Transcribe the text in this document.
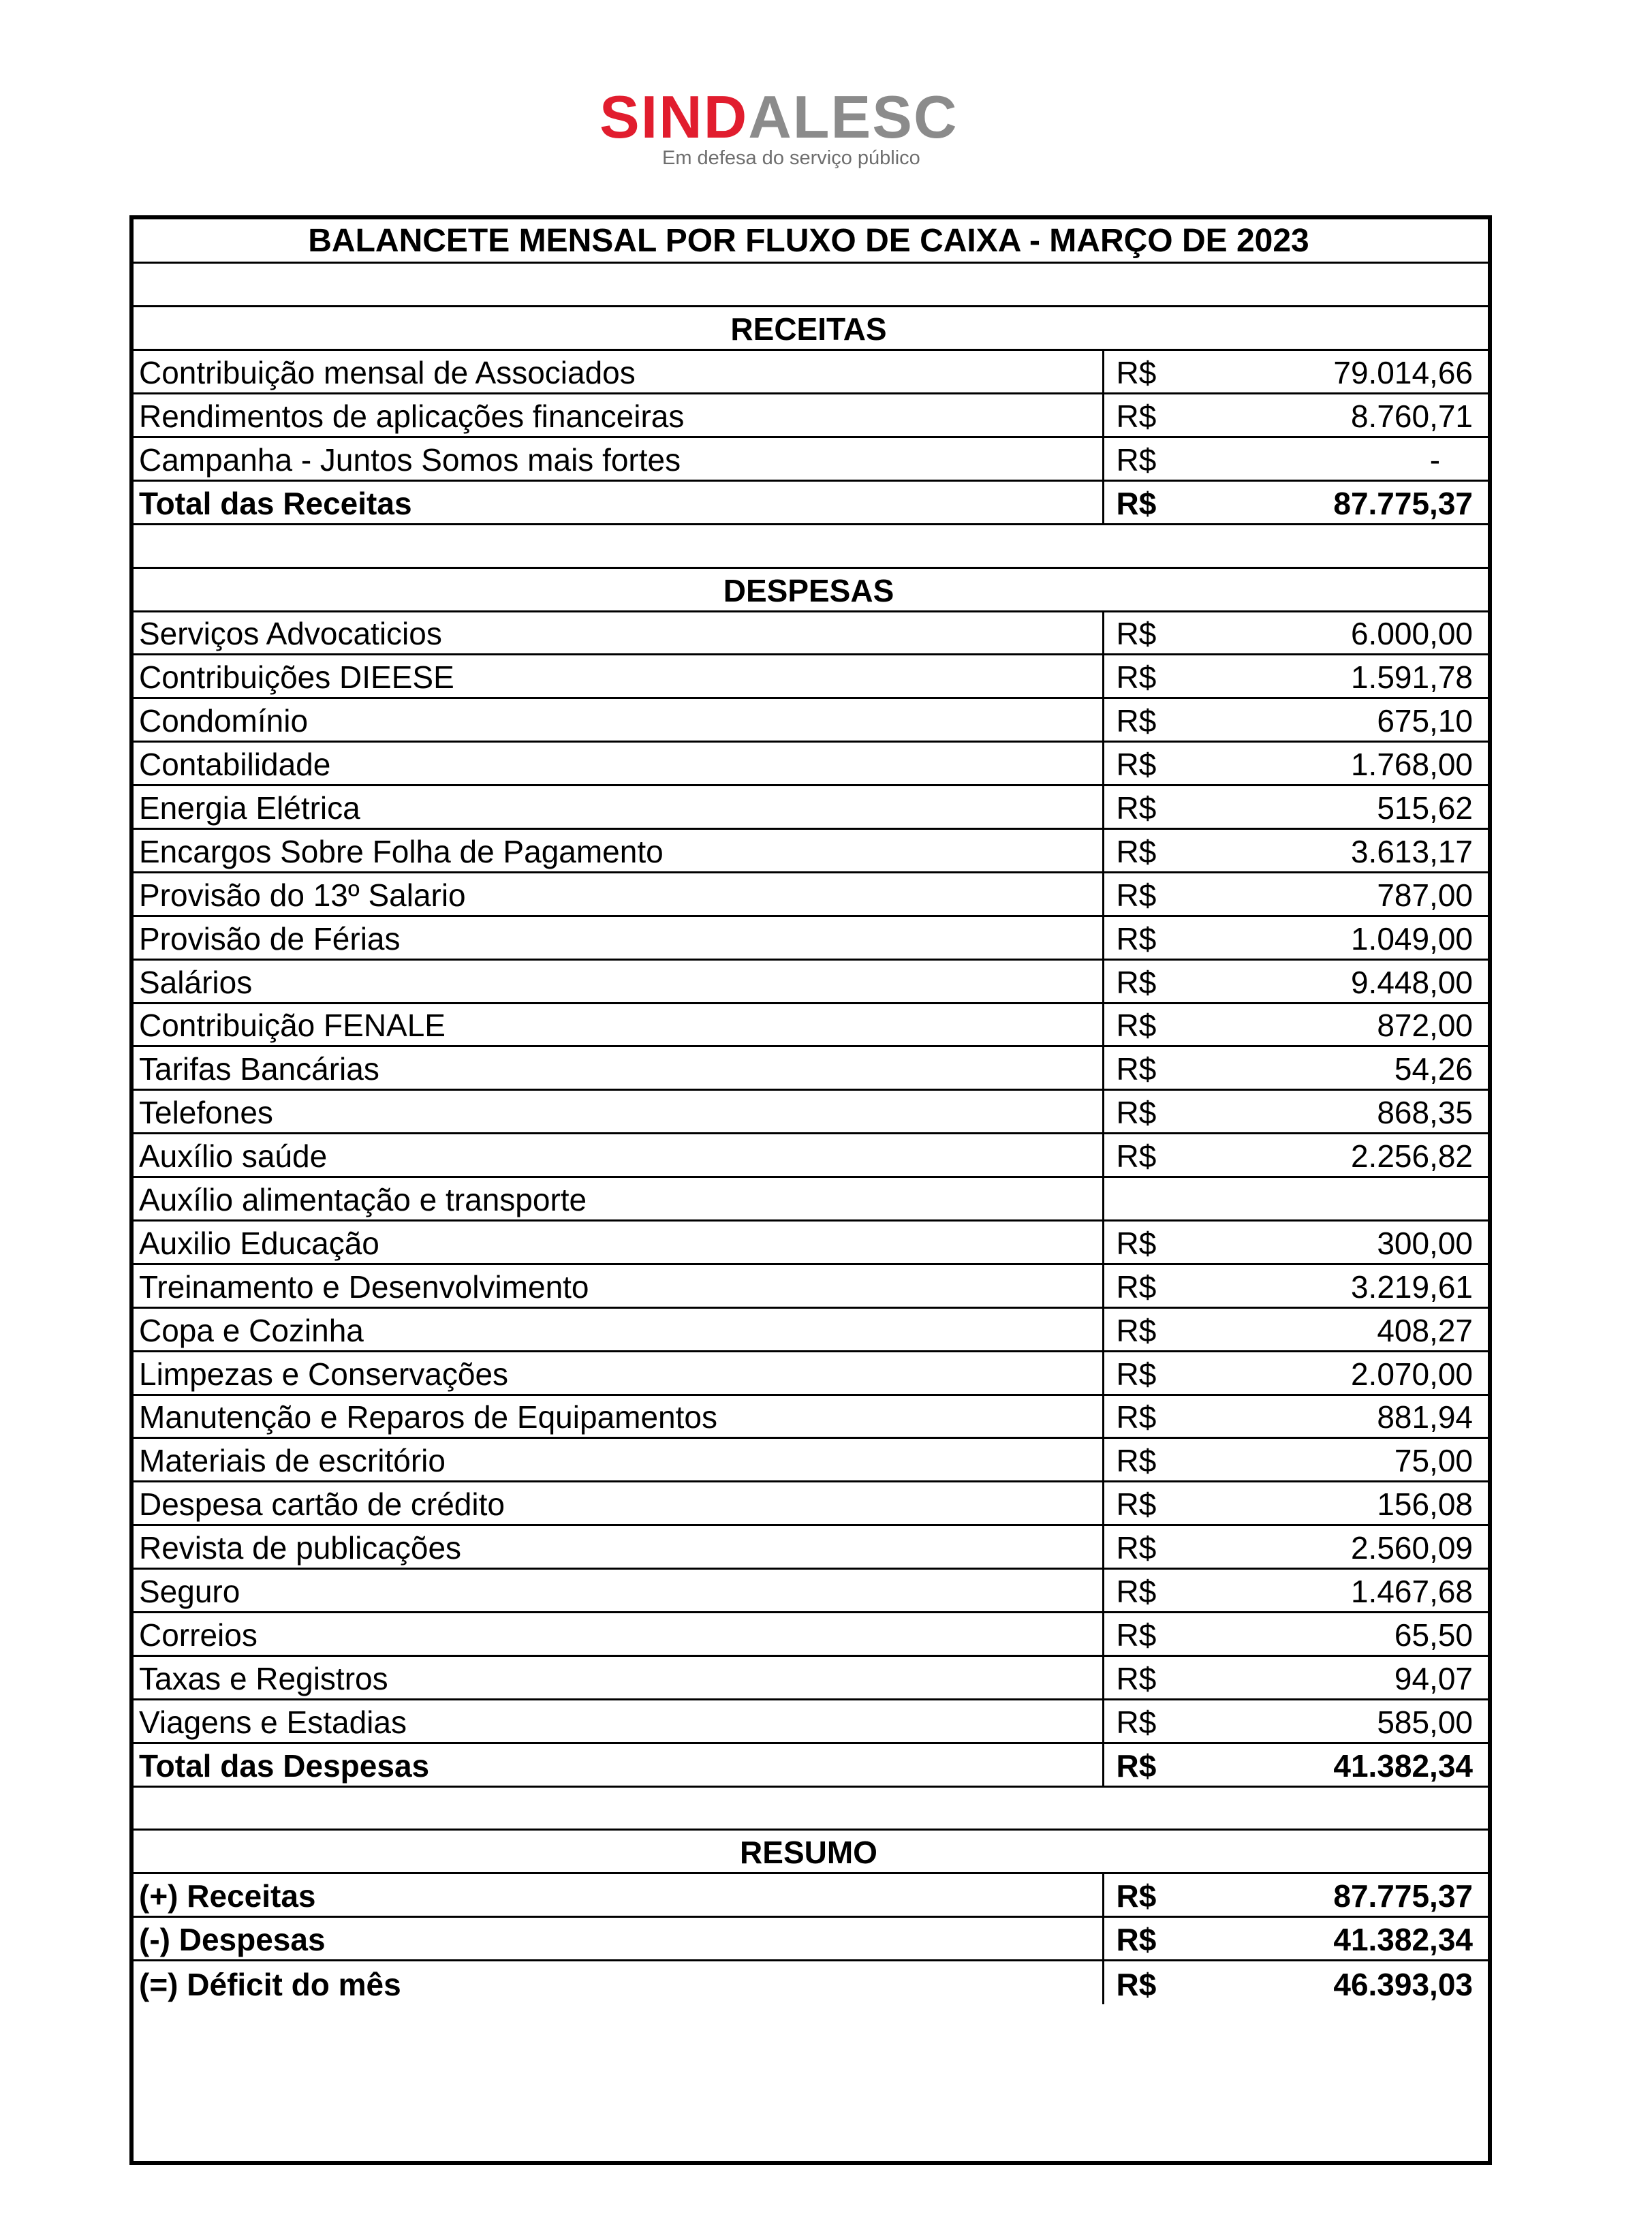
SINDALESC
Em defesa do serviço público
BALANCETE MENSAL POR FLUXO DE CAIXA - MARÇO DE 2023	

RECEITAS	
Contribuição mensal de Associados	R$ 79.014,66

Rendimentos de aplicações financeiras	R$ 8.760,71

Campanha - Juntos Somos mais fortes	R$ -

Total das Receitas	R$ 87.775,37

DESPESAS	
Serviços Advocaticios	R$ 6.000,00

Contribuições DIEESE	R$ 1.591,78

Condomínio	R$ 675,10

Contabilidade	R$ 1.768,00

Energia Elétrica	R$ 515,62

Encargos Sobre Folha de Pagamento	R$ 3.613,17

Provisão do 13º Salario	R$ 787,00

Provisão de Férias	R$ 1.049,00

Salários	R$ 9.448,00

Contribuição FENALE	R$ 872,00

Tarifas Bancárias	R$ 54,26

Telefones	R$ 868,35

Auxílio saúde	R$ 2.256,82

Auxílio alimentação e transporte	
Auxilio Educação	R$ 300,00

Treinamento e Desenvolvimento	R$ 3.219,61

Copa e Cozinha	R$ 408,27

Limpezas e Conservações	R$ 2.070,00

Manutenção e Reparos de Equipamentos	R$ 881,94

Materiais de escritório	R$ 75,00

Despesa cartão de crédito	R$ 156,08

Revista de publicações	R$ 2.560,09

Seguro	R$ 1.467,68

Correios	R$ 65,50

Taxas e Registros	R$ 94,07

Viagens e Estadias	R$ 585,00

Total das Despesas	R$ 41.382,34

RESUMO	
(+) Receitas	R$ 87.775,37

(-) Despesas	R$ 41.382,34

(=) Déficit do mês	R$ 46.393,03
